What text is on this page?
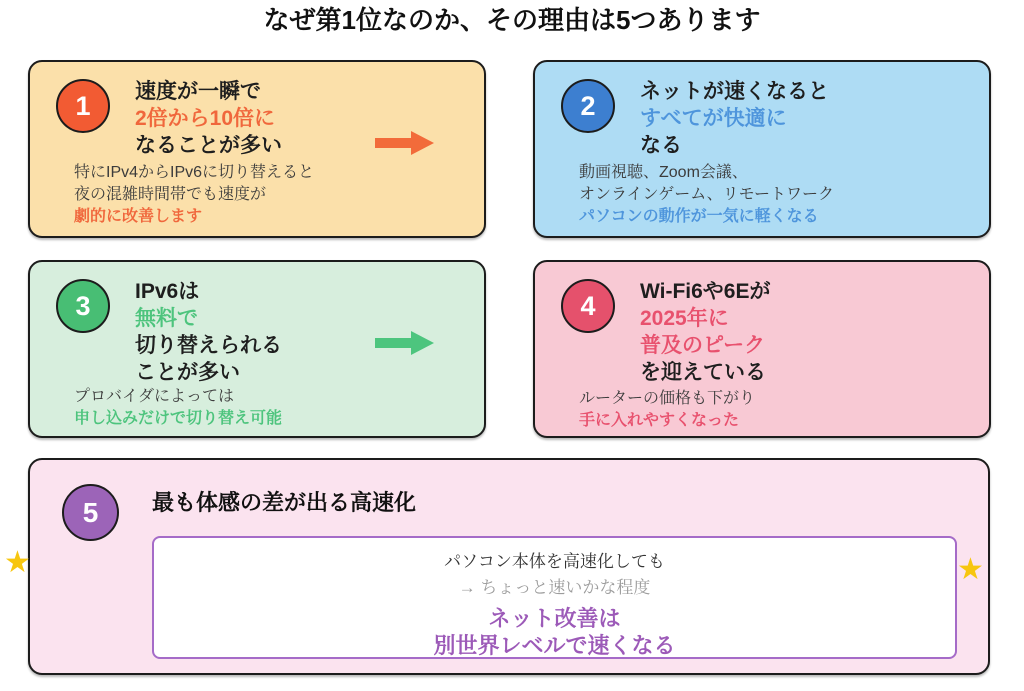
なぜ第1位なのか、その理由は5つあります
1	速度が一瞬で
2倍から10倍に
なることが多い
特にIPv4からIPv6に切り替えると
夜の混雑時間帯でも速度が
劇的に改善します
2	ネットが速くなると
すべてが快適に
なる
動画視聴、Zoom会議、
オンラインゲーム、リモートワーク
パソコンの動作が一気に軽くなる
3	IPv6は
無料で
切り替えられる
ことが多い
プロバイダによっては
申し込みだけで切り替え可能
4	Wi-Fi6や6Eが
2025年に
普及のピーク
を迎えている
ルーターの価格も下がり
手に入れやすくなった
5	最も体感の差が出る高速化
パソコン本体を高速化しても
→ ちょっと速いかな程度
ネット改善は
別世界レベルで速くなる
★	★
